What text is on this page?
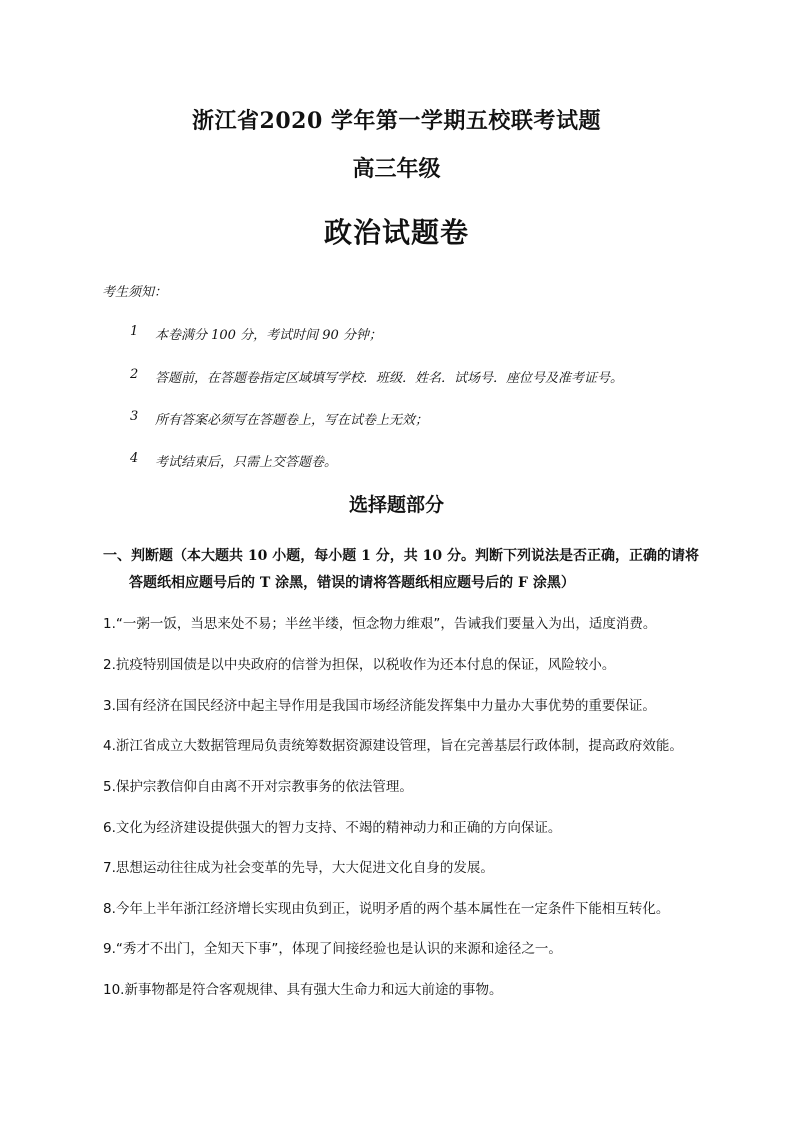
浙江省2020 学年第一学期五校联考试题
高三年级
政治试题卷
考生须知：
1 本卷满分 100 分，考试时间 90 分钟；
2 答题前，在答题卷指定区域填写学校．班级．姓名．试场号．座位号及准考证号。
3 所有答案必须写在答题卷上，写在试卷上无效；
4 考试结束后，只需上交答题卷。
选择题部分
一、判断题（本大题共 10 小题，每小题 1 分，共 10 分。判断下列说法是否正确，正确的请将
答题纸相应题号后的 T 涂黑，错误的请将答题纸相应题号后的 F 涂黑）
1.“一粥一饭，当思来处不易；半丝半缕，恒念物力维艰”，告诫我们要量入为出，适度消费。
2.抗疫特别国债是以中央政府的信誉为担保，以税收作为还本付息的保证，风险较小。
3.国有经济在国民经济中起主导作用是我国市场经济能发挥集中力量办大事优势的重要保证。
4.浙江省成立大数据管理局负责统筹数据资源建设管理，旨在完善基层行政体制，提高政府效能。
5.保护宗教信仰自由离不开对宗教事务的依法管理。
6.文化为经济建设提供强大的智力支持、不竭的精神动力和正确的方向保证。
7.思想运动往往成为社会变革的先导，大大促进文化自身的发展。
8.今年上半年浙江经济增长实现由负到正，说明矛盾的两个基本属性在一定条件下能相互转化。
9.“秀才不出门，全知天下事”，体现了间接经验也是认识的来源和途径之一。
10.新事物都是符合客观规律、具有强大生命力和远大前途的事物。
